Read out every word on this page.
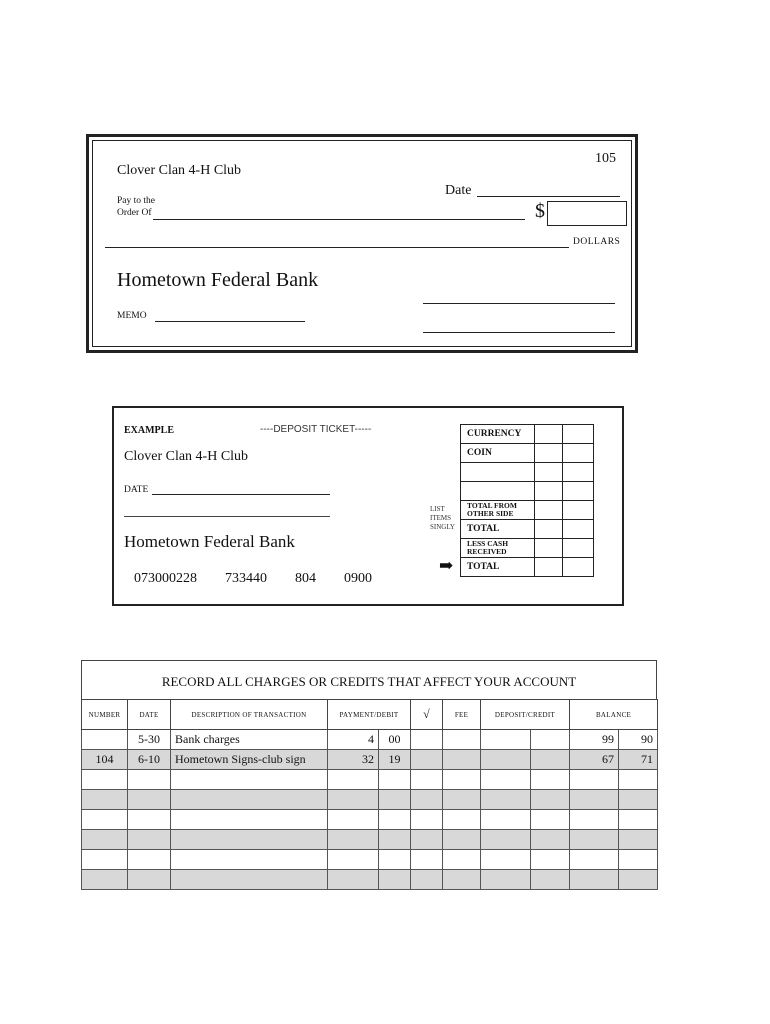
105
Clover Clan 4-H Club
Date
Pay to the
Order Of	$
DOLLARS
Hometown Federal Bank
MEMO
EXAMPLE	----DEPOSIT TICKET-----
Clover Clan 4-H Club
DATE
Hometown Federal Bank
073000228 733440 804 0900
LIST
ITEMS
SINGLY
➡
CURRENCY		
COIN		

TOTAL FROM OTHER SIDE		
TOTAL		
LESS CASH RECEIVED		
TOTAL		
RECORD ALL CHARGES OR CREDITS THAT AFFECT YOUR ACCOUNT
NUMBER	DATE	DESCRIPTION OF TRANSACTION	PAYMENT/DEBIT		√	FEE	DEPOSIT/CREDIT		BALANCE	
	5-30	Bank charges	4	00					99	90
104	6-10	Hometown Signs-club sign	32	19					67	71
